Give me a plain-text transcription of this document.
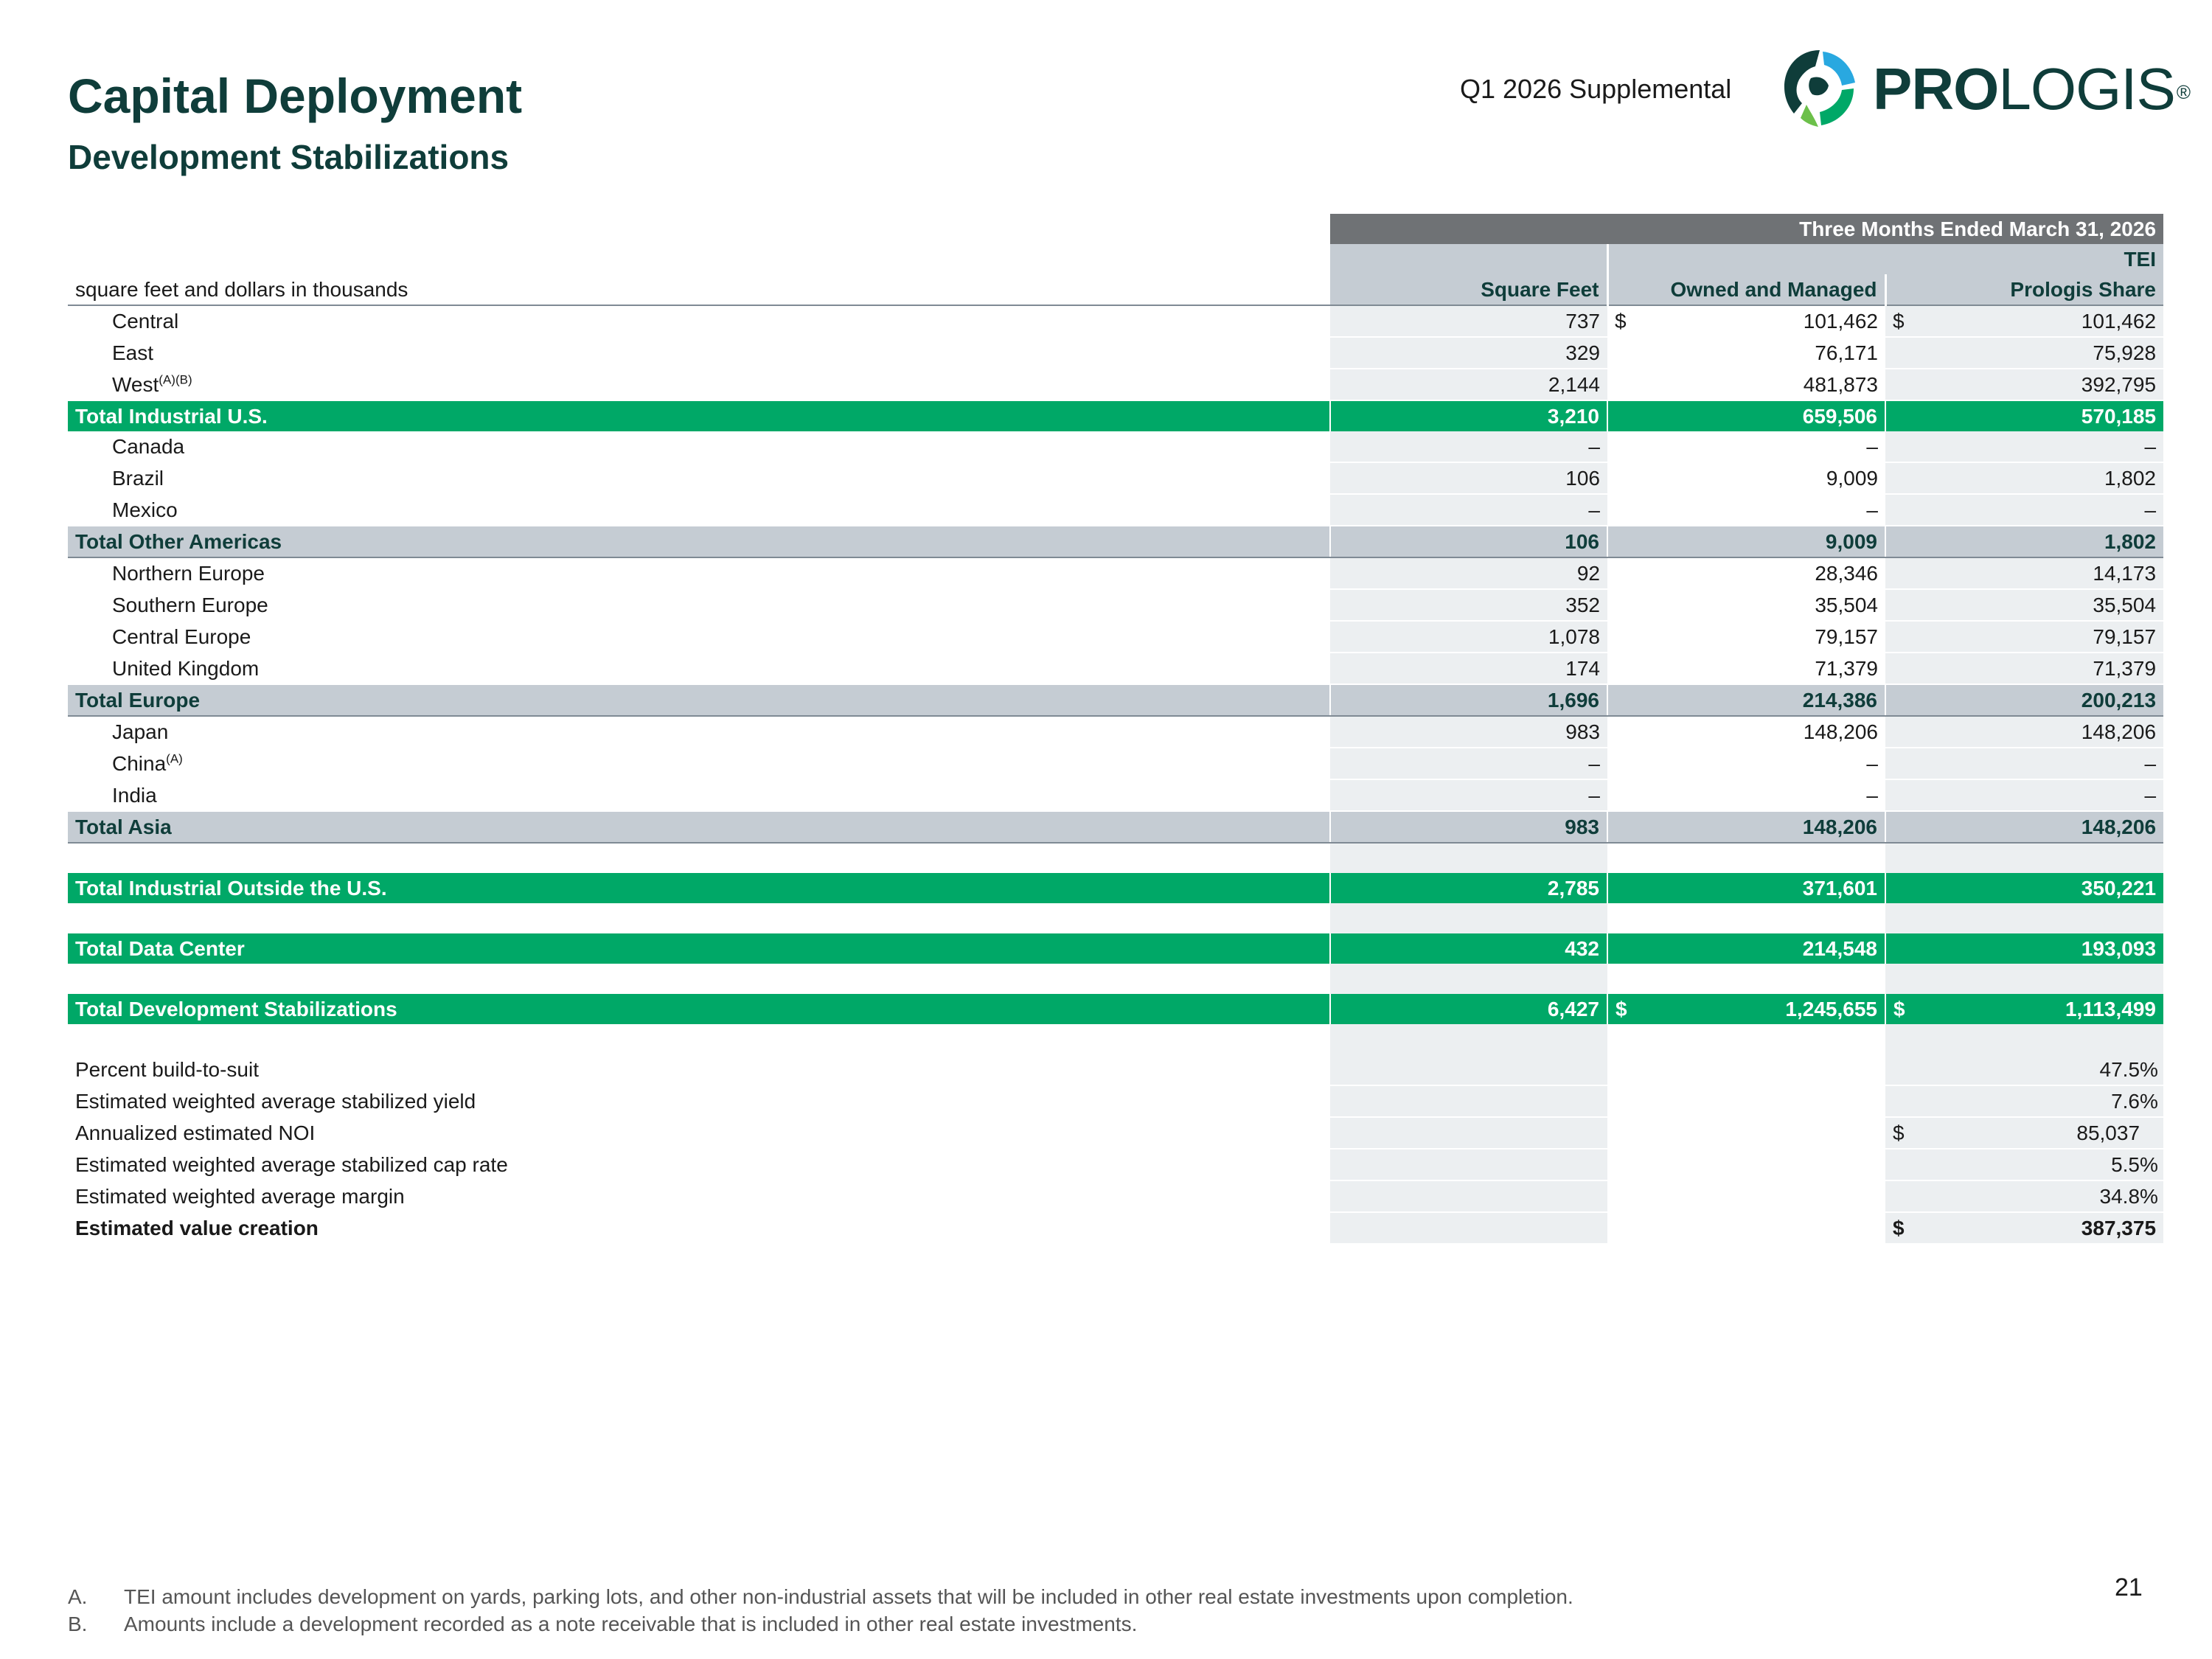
Capital Deployment
Development Stabilizations
Q1 2026 Supplemental PROLOGIS®
	Three Months Ended March 31, 2026		
		TEI	
square feet and dollars in thousands	Square Feet	Owned and Managed	Prologis Share
Central	737	$ 101,462	$ 101,462
East	329	76,171	75,928
West$^{(A)(B)}$	2,144	481,873	392,795
Total Industrial U.S.	3,210	659,506	570,185
Canada	–	–	–
Brazil	106	9,009	1,802
Mexico	–	–	–
Total Other Americas	106	9,009	1,802
Northern Europe	92	28,346	14,173
Southern Europe	352	35,504	35,504
Central Europe	1,078	79,157	79,157
United Kingdom	174	71,379	71,379
Total Europe	1,696	214,386	200,213
Japan	983	148,206	148,206
China$^{(A)}$	–	–	–
India	–	–	–
Total Asia	983	148,206	148,206

Total Industrial Outside the U.S.	2,785	371,601	350,221

Total Data Center	432	214,548	193,093

Total Development Stabilizations	6,427	$ 1,245,655	$ 1,113,499

Percent build-to-suit			47.5%
Estimated weighted average stabilized yield			7.6%
Annualized estimated NOI			$ 85,037
Estimated weighted average stabilized cap rate			5.5%
Estimated weighted average margin			34.8%
Estimated value creation			$ 387,375
21
A. TEI amount includes development on yards, parking lots, and other non-industrial assets that will be included in other real estate investments upon completion.
B. Amounts include a development recorded as a note receivable that is included in other real estate investments.
